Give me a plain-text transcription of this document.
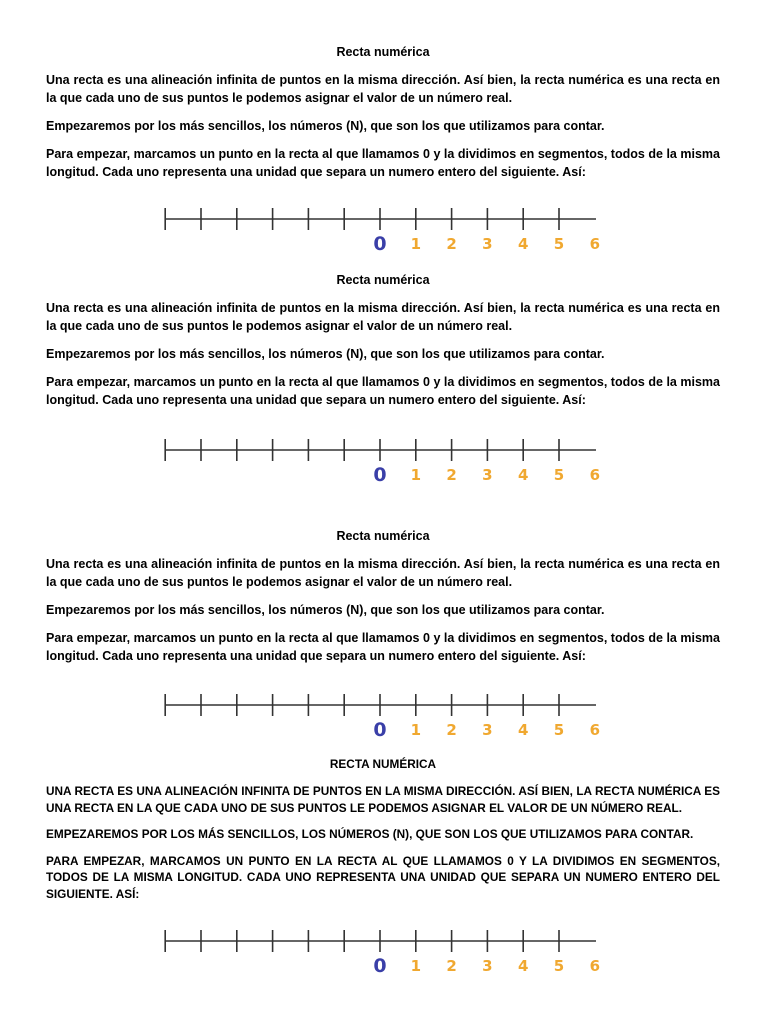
Recta numérica
Una recta es una alineación infinita de puntos en la misma dirección. Así bien, la recta numérica es una recta en la que cada uno de sus puntos le podemos asignar el valor de un número real.
Empezaremos por los más sencillos, los números (N), que son los que utilizamos para contar.
Para empezar, marcamos un punto en la recta al que llamamos 0 y la dividimos en segmentos, todos de la misma longitud. Cada uno representa una unidad que separa un numero entero del siguiente. Así:
0 1 2 3 4 5 6
Recta numérica
Una recta es una alineación infinita de puntos en la misma dirección. Así bien, la recta numérica es una recta en la que cada uno de sus puntos le podemos asignar el valor de un número real.
Empezaremos por los más sencillos, los números (N), que son los que utilizamos para contar.
Para empezar, marcamos un punto en la recta al que llamamos 0 y la dividimos en segmentos, todos de la misma longitud. Cada uno representa una unidad que separa un numero entero del siguiente. Así:
0 1 2 3 4 5 6
Recta numérica
Una recta es una alineación infinita de puntos en la misma dirección. Así bien, la recta numérica es una recta en la que cada uno de sus puntos le podemos asignar el valor de un número real.
Empezaremos por los más sencillos, los números (N), que son los que utilizamos para contar.
Para empezar, marcamos un punto en la recta al que llamamos 0 y la dividimos en segmentos, todos de la misma longitud. Cada uno representa una unidad que separa un numero entero del siguiente. Así:
0 1 2 3 4 5 6
RECTA NUMÉRICA
UNA RECTA ES UNA ALINEACIÓN INFINITA DE PUNTOS EN LA MISMA DIRECCIÓN. ASÍ BIEN, LA RECTA NUMÉRICA ES UNA RECTA EN LA QUE CADA UNO DE SUS PUNTOS LE PODEMOS ASIGNAR EL VALOR DE UN NÚMERO REAL.
EMPEZAREMOS POR LOS MÁS SENCILLOS, LOS NÚMEROS (N), QUE SON LOS QUE UTILIZAMOS PARA CONTAR.
PARA EMPEZAR, MARCAMOS UN PUNTO EN LA RECTA AL QUE LLAMAMOS 0 Y LA DIVIDIMOS EN SEGMENTOS, TODOS DE LA MISMA LONGITUD. CADA UNO REPRESENTA UNA UNIDAD QUE SEPARA UN NUMERO ENTERO DEL SIGUIENTE. ASÍ:
0 1 2 3 4 5 6
